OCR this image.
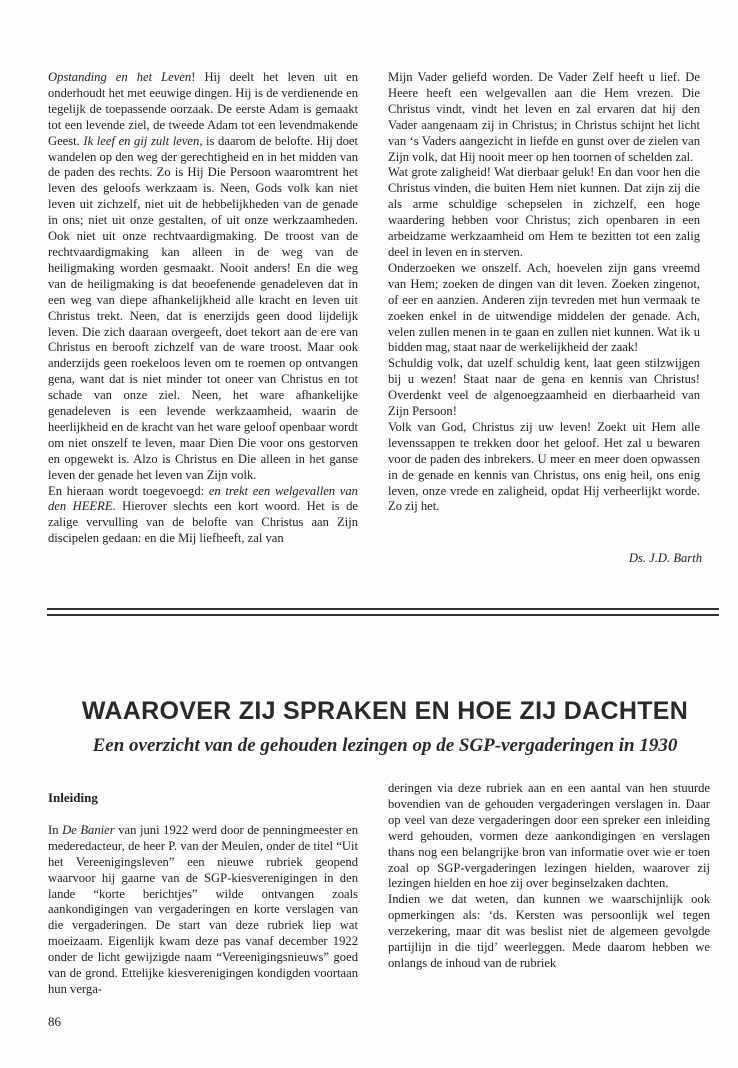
Opstanding en het Leven! Hij deelt het leven uit en onderhoudt het met eeuwige dingen. Hij is de verdienende en tegelijk de toepassende oorzaak. De eerste Adam is gemaakt tot een levende ziel, de tweede Adam tot een levendmakende Geest. Ik leef en gij zult leven, is daarom de belofte. Hij doet wandelen op den weg der gerechtigheid en in het midden van de paden des rechts. Zo is Hij Die Persoon waaromtrent het leven des geloofs werkzaam is. Neen, Gods volk kan niet leven uit zichzelf, niet uit de hebbelijkheden van de genade in ons; niet uit onze gestalten, of uit onze werkzaamheden. Ook niet uit onze rechtvaardigmaking. De troost van de rechtvaardigmaking kan alleen in de weg van de heiligmaking worden gesmaakt. Nooit anders! En die weg van de heiligmaking is dat beoefenende genadeleven dat in een weg van diepe afhankelijkheid alle kracht en leven uit Christus trekt. Neen, dat is enerzijds geen dood lijdelijk leven. Die zich daaraan overgeeft, doet tekort aan de ere van Christus en berooft zichzelf van de ware troost. Maar ook anderzijds geen roekeloos leven om te roemen op ontvangen gena, want dat is niet minder tot oneer van Christus en tot schade van onze ziel. Neen, het ware afhankelijke genadeleven is een levende werkzaamheid, waarin de heerlijkheid en de kracht van het ware geloof openbaar wordt om niet onszelf te leven, maar Dien Die voor ons gestorven en opgewekt is. Alzo is Christus en Die alleen in het ganse leven der genade het leven van Zijn volk.

En hieraan wordt toegevoegd: en trekt een welgevallen van den HEERE. Hierover slechts een kort woord. Het is de zalige vervulling van de belofte van Christus aan Zijn discipelen gedaan: en die Mij liefheeft, zal van

Mijn Vader geliefd worden. De Vader Zelf heeft u lief. De Heere heeft een welgevallen aan die Hem vrezen. Die Christus vindt, vindt het leven en zal ervaren dat hij den Vader aangenaam zij in Christus; in Christus schijnt het licht van ‘s Vaders aangezicht in liefde en gunst over de zielen van Zijn volk, dat Hij nooit meer op hen toornen of schelden zal.

Wat grote zaligheid! Wat dierbaar geluk! En dan voor hen die Christus vinden, die buiten Hem niet kunnen. Dat zijn zij die als arme schuldige schepselen in zichzelf, een hoge waardering hebben voor Christus; zich openbaren in een arbeidzame werkzaamheid om Hem te bezitten tot een zalig deel in leven en in sterven.

Onderzoeken we onszelf. Ach, hoevelen zijn gans vreemd van Hem; zoeken de dingen van dit leven. Zoeken zingenot, of eer en aanzien. Anderen zijn tevreden met hun vermaak te zoeken enkel in de uitwendige middelen der genade. Ach, velen zullen menen in te gaan en zullen niet kunnen. Wat ik u bidden mag, staat naar de werkelijkheid der zaak!

Schuldig volk, dat uzelf schuldig kent, laat geen stilzwijgen bij u wezen! Staat naar de gena en kennis van Christus! Overdenkt veel de algenoegzaamheid en dierbaarheid van Zijn Persoon!

Volk van God, Christus zij uw leven! Zoekt uit Hem alle levenssappen te trekken door het geloof. Het zal u bewaren voor de paden des inbrekers. U meer en meer doen opwassen in de genade en kennis van Christus, ons enig heil, ons enig leven, onze vrede en zaligheid, opdat Hij verheerlijkt worde. Zo zij het.

Ds. J.D. Barth
WAAROVER ZIJ SPRAKEN EN HOE ZIJ DACHTEN
Een overzicht van de gehouden lezingen op de SGP-vergaderingen in 1930

Inleiding

In De Banier van juni 1922 werd door de penningmeester en mederedacteur, de heer P. van der Meulen, onder de titel “Uit het Vereenigingsleven” een nieuwe rubriek geopend waarvoor hij gaarne van de SGP-kiesverenigingen in den lande “korte berichtjes” wilde ontvangen zoals aankondigingen van vergaderingen en korte verslagen van die vergaderingen. De start van deze rubriek liep wat moeizaam. Eigenlijk kwam deze pas vanaf december 1922 onder de licht gewijzigde naam “Vereenigingsnieuws” goed van de grond. Ettelijke kiesverenigingen kondigden voortaan hun verga-

deringen via deze rubriek aan en een aantal van hen stuurde bovendien van de gehouden vergaderingen verslagen in. Daar op veel van deze vergaderingen door een spreker een inleiding werd gehouden, vormen deze aankondigingen en verslagen thans nog een belangrijke bron van informatie over wie er toen zoal op SGP-vergaderingen lezingen hielden, waarover zij lezingen hielden en hoe zij over beginselzaken dachten.

Indien we dat weten, dan kunnen we waarschijnlijk ook opmerkingen als: ‘ds. Kersten was persoonlijk wel tegen verzekering, maar dit was beslist niet de algemeen gevolgde partijlijn in die tijd’ weerleggen. Mede daarom hebben we onlangs de inhoud van de rubriek

86
